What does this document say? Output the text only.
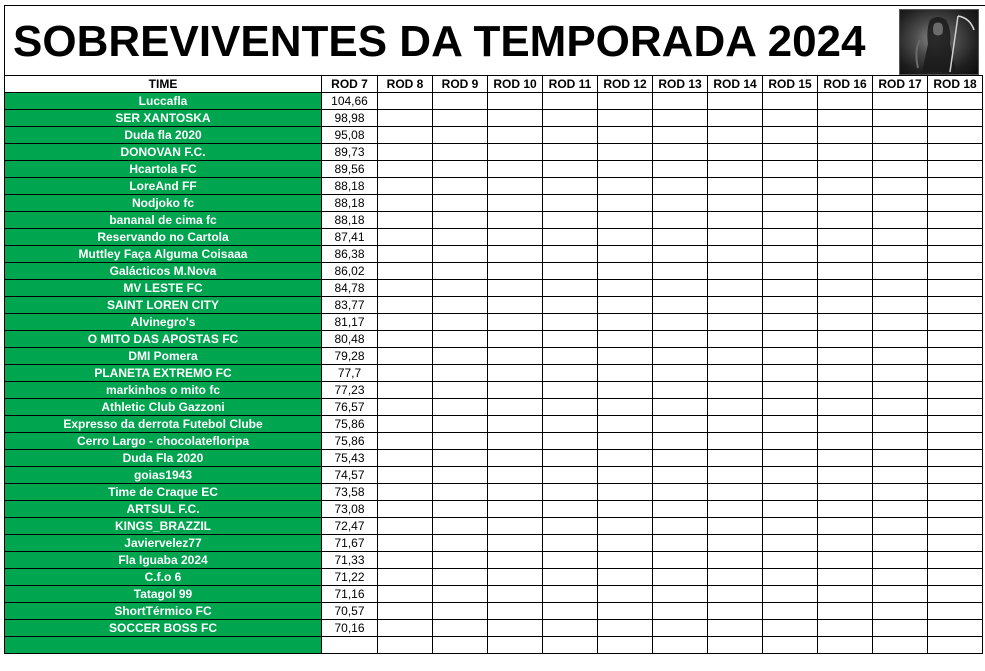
SOBREVIVENTES DA TEMPORADA 2024
TIME	ROD 7	ROD 8	ROD 9	ROD 10	ROD 11	ROD 12	ROD 13	ROD 14	ROD 15	ROD 16	ROD 17	ROD 18
Luccafla	104,66											
SER XANTOSKA	98,98											
Duda fla 2020	95,08											
DONOVAN F.C.	89,73											
Hcartola FC	89,56											
LoreAnd FF	88,18											
Nodjoko fc	88,18											
bananal de cima fc	88,18											
Reservando no Cartola	87,41											
Muttley Faça Alguma Coisaaa	86,38											
Galácticos M.Nova	86,02											
MV LESTE FC	84,78											
SAINT LOREN CITY	83,77											
Alvinegro's	81,17											
O MITO DAS APOSTAS FC	80,48											
DMI Pomera	79,28											
PLANETA EXTREMO FC	77,7											
markinhos o mito fc	77,23											
Athletic Club Gazzoni	76,57											
Expresso da derrota Futebol Clube	75,86											
Cerro Largo - chocolatefloripa	75,86											
Duda Fla 2020	75,43											
goias1943	74,57											
Time de Craque EC	73,58											
ARTSUL F.C.	73,08											
KINGS_BRAZZIL	72,47											
Javiervelez77	71,67											
Fla Iguaba 2024	71,33											
C.f.o 6	71,22											
Tatagol 99	71,16											
ShortTérmico FC	70,57											
SOCCER BOSS FC	70,16											
